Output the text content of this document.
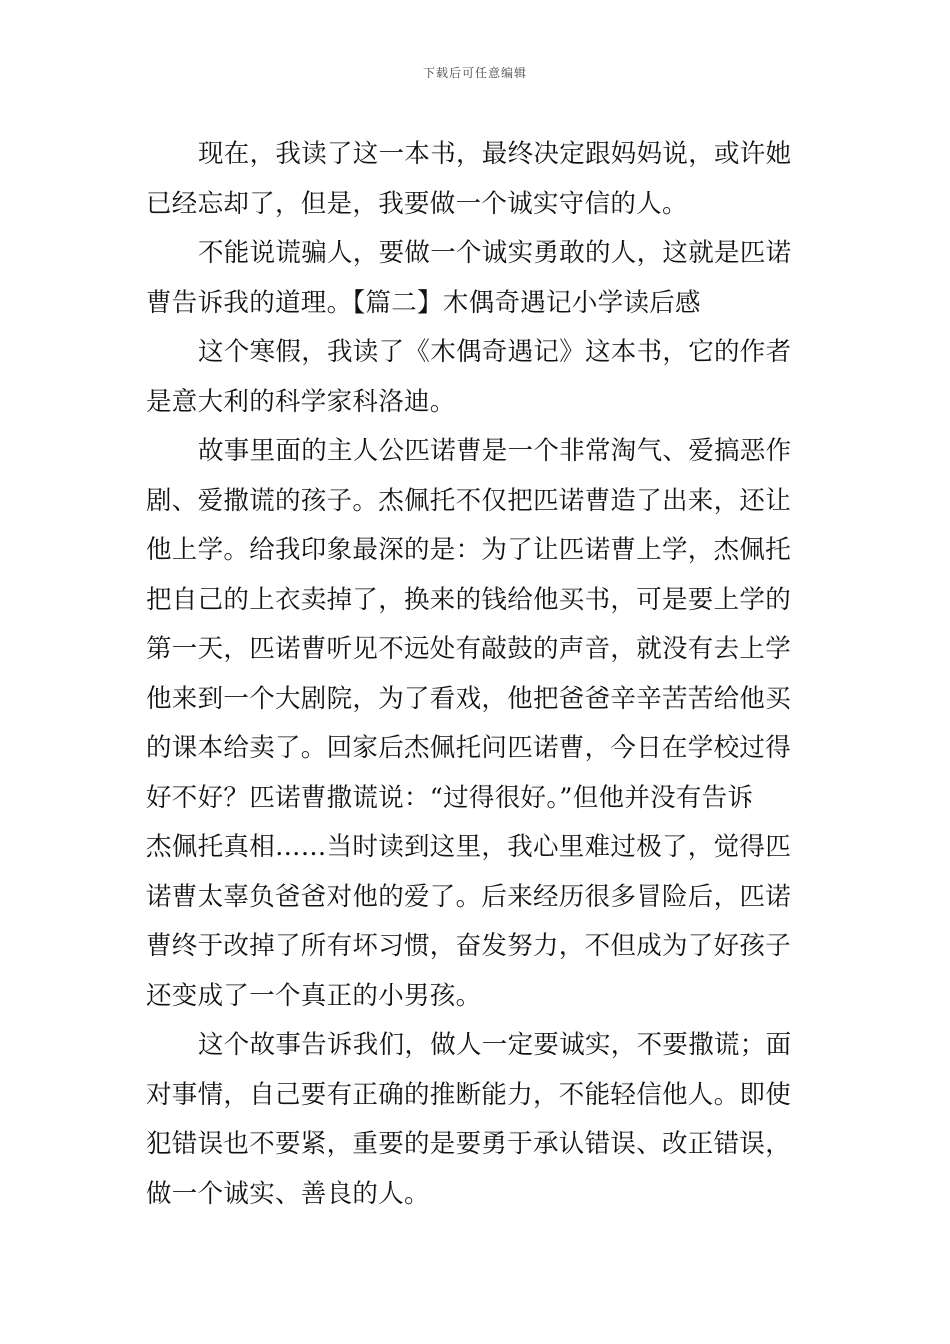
下载后可任意编辑
现在，我读了这一本书，最终决定跟妈妈说，或许她
已经忘却了，但是，我要做一个诚实守信的人。
不能说谎骗人，要做一个诚实勇敢的人，这就是匹诺
曹告诉我的道理。【篇二】木偶奇遇记小学读后感
这个寒假，我读了《木偶奇遇记》这本书，它的作者
是意大利的科学家科洛迪。
故事里面的主人公匹诺曹是一个非常淘气、爱搞恶作
剧、爱撒谎的孩子。杰佩托不仅把匹诺曹造了出来，还让
他上学。给我印象最深的是：为了让匹诺曹上学，杰佩托
把自己的上衣卖掉了，换来的钱给他买书，可是要上学的
第一天，匹诺曹听见不远处有敲鼓的声音，就没有去上学
他来到一个大剧院，为了看戏，他把爸爸辛辛苦苦给他买
的课本给卖了。回家后杰佩托问匹诺曹，今日在学校过得
好不好？匹诺曹撒谎说：“过得很好。”但他并没有告诉
杰佩托真相……当时读到这里，我心里难过极了，觉得匹
诺曹太辜负爸爸对他的爱了。后来经历很多冒险后，匹诺
曹终于改掉了所有坏习惯，奋发努力，不但成为了好孩子
还变成了一个真正的小男孩。
这个故事告诉我们，做人一定要诚实，不要撒谎；面
对事情，自己要有正确的推断能力，不能轻信他人。即使
犯错误也不要紧，重要的是要勇于承认错误、改正错误，
做一个诚实、善良的人。
